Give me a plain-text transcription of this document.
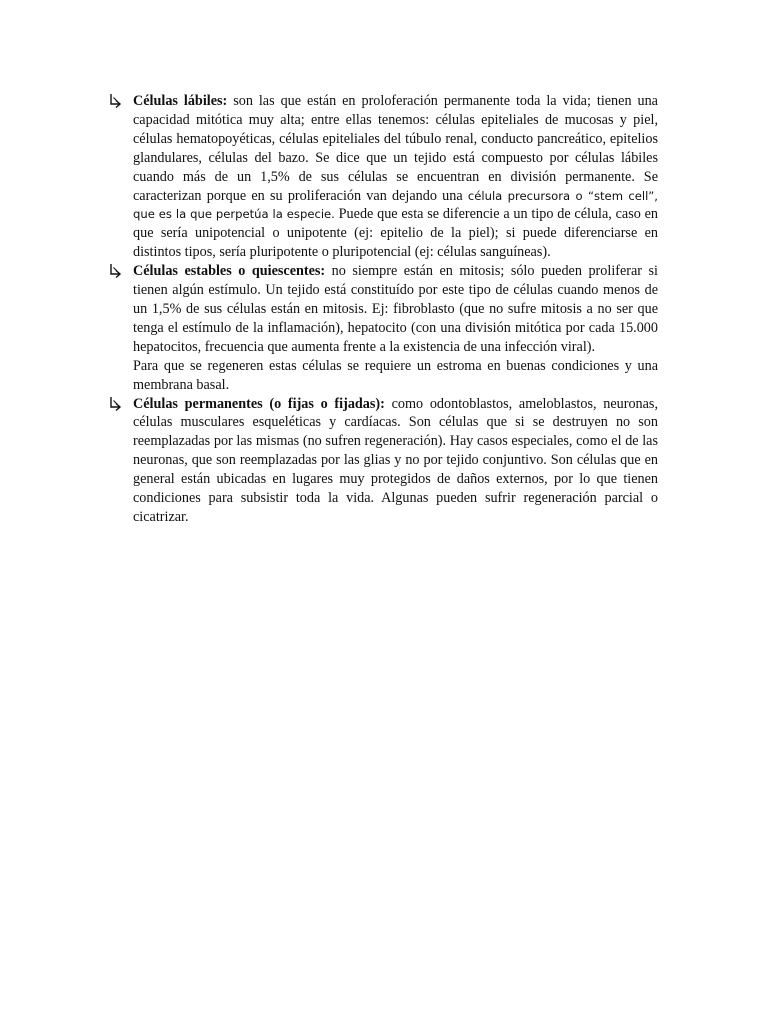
Células lábiles: son las que están en proloferación permanente toda la vida; tienen una capacidad mitótica muy alta; entre ellas tenemos: células epiteliales de mucosas y piel, células hematopoyéticas, células epiteliales del túbulo renal, conducto pancreático, epitelios glandulares, células del bazo. Se dice que un tejido está compuesto por células lábiles cuando más de un 1,5% de sus células se encuentran en división permanente. Se caracterizan porque en su proliferación van dejando una célula precursora o “stem cell”, que es la que perpetúa la especie. Puede que esta se diferencie a un tipo de célula, caso en que sería unipotencial o unipotente (ej: epitelio de la piel); si puede diferenciarse en distintos tipos, sería pluripotente o pluripotencial (ej: células sanguíneas).
Células estables o quiescentes: no siempre están en mitosis; sólo pueden proliferar si tienen algún estímulo. Un tejido está constituído por este tipo de células cuando menos de un 1,5% de sus células están en mitosis. Ej: fibroblasto (que no sufre mitosis a no ser que tenga el estímulo de la inflamación), hepatocito (con una división mitótica por cada 15.000 hepatocitos, frecuencia que aumenta frente a la existencia de una infección viral).

Para que se regeneren estas células se requiere un estroma en buenas condiciones y una membrana basal.

Células permanentes (o fijas o fijadas): como odontoblastos, ameloblastos, neuronas, células musculares esqueléticas y cardíacas. Son células que si se destruyen no son reemplazadas por las mismas (no sufren regeneración). Hay casos especiales, como el de las neuronas, que son reemplazadas por las glias y no por tejido conjuntivo. Son células que en general están ubicadas en lugares muy protegidos de daños externos, por lo que tienen condiciones para subsistir toda la vida. Algunas pueden sufrir regeneración parcial o cicatrizar.
